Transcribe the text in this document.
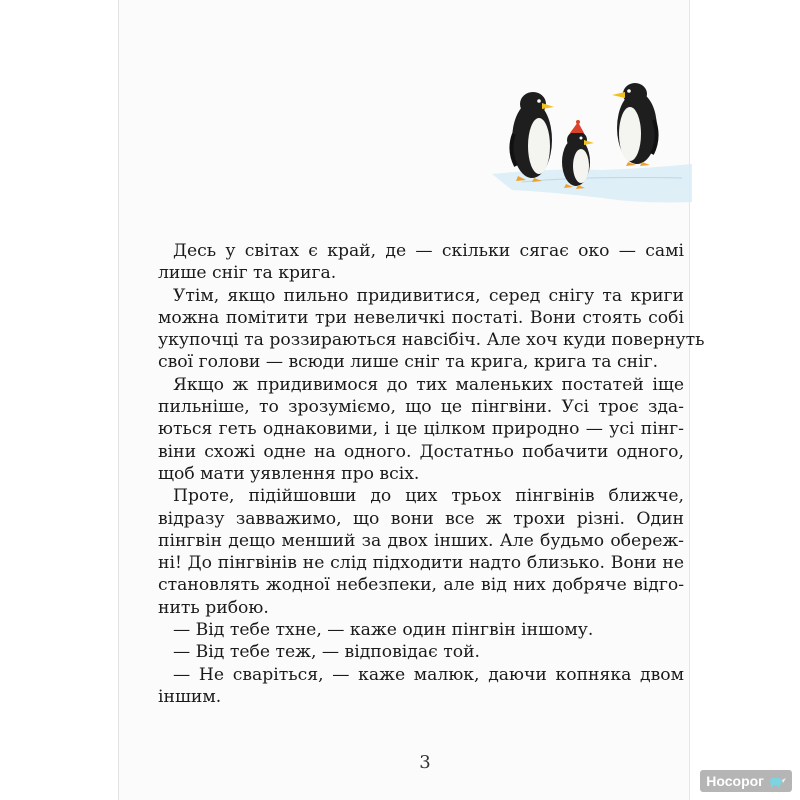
Десь у світах є край, де — скільки сягає око — самі
лише сніг та крига.
Утім, якщо пильно придивитися, серед снігу та криги
можна помітити три невеличкі постаті. Вони стоять собі
укупочці та роззираються навсібіч. Але хоч куди повернуть
свої голови — всюди лише сніг та крига, крига та сніг.
Якщо ж придивимося до тих маленьких постатей іще
пильніше, то зрозуміємо, що це пінгвіни. Усі троє зда-
ються геть однаковими, і це цілком природно — усі пінг-
віни схожі одне на одного. Достатньо побачити одного,
щоб мати уявлення про всіх.
Проте, підійшовши до цих трьох пінгвінів ближче,
відразу завважимо, що вони все ж трохи різні. Один
пінгвін дещо менший за двох інших. Але будьмо обереж-
ні! До пінгвінів не слід підходити надто близько. Вони не
становлять жодної небезпеки, але від них добряче відго-
нить рибою.
— Від тебе тхне, — каже один пінгвін іншому.
— Від тебе теж, — відповідає той.
— Не сваріться, — каже малюк, даючи копняка двом
іншим.
3
Носорог
